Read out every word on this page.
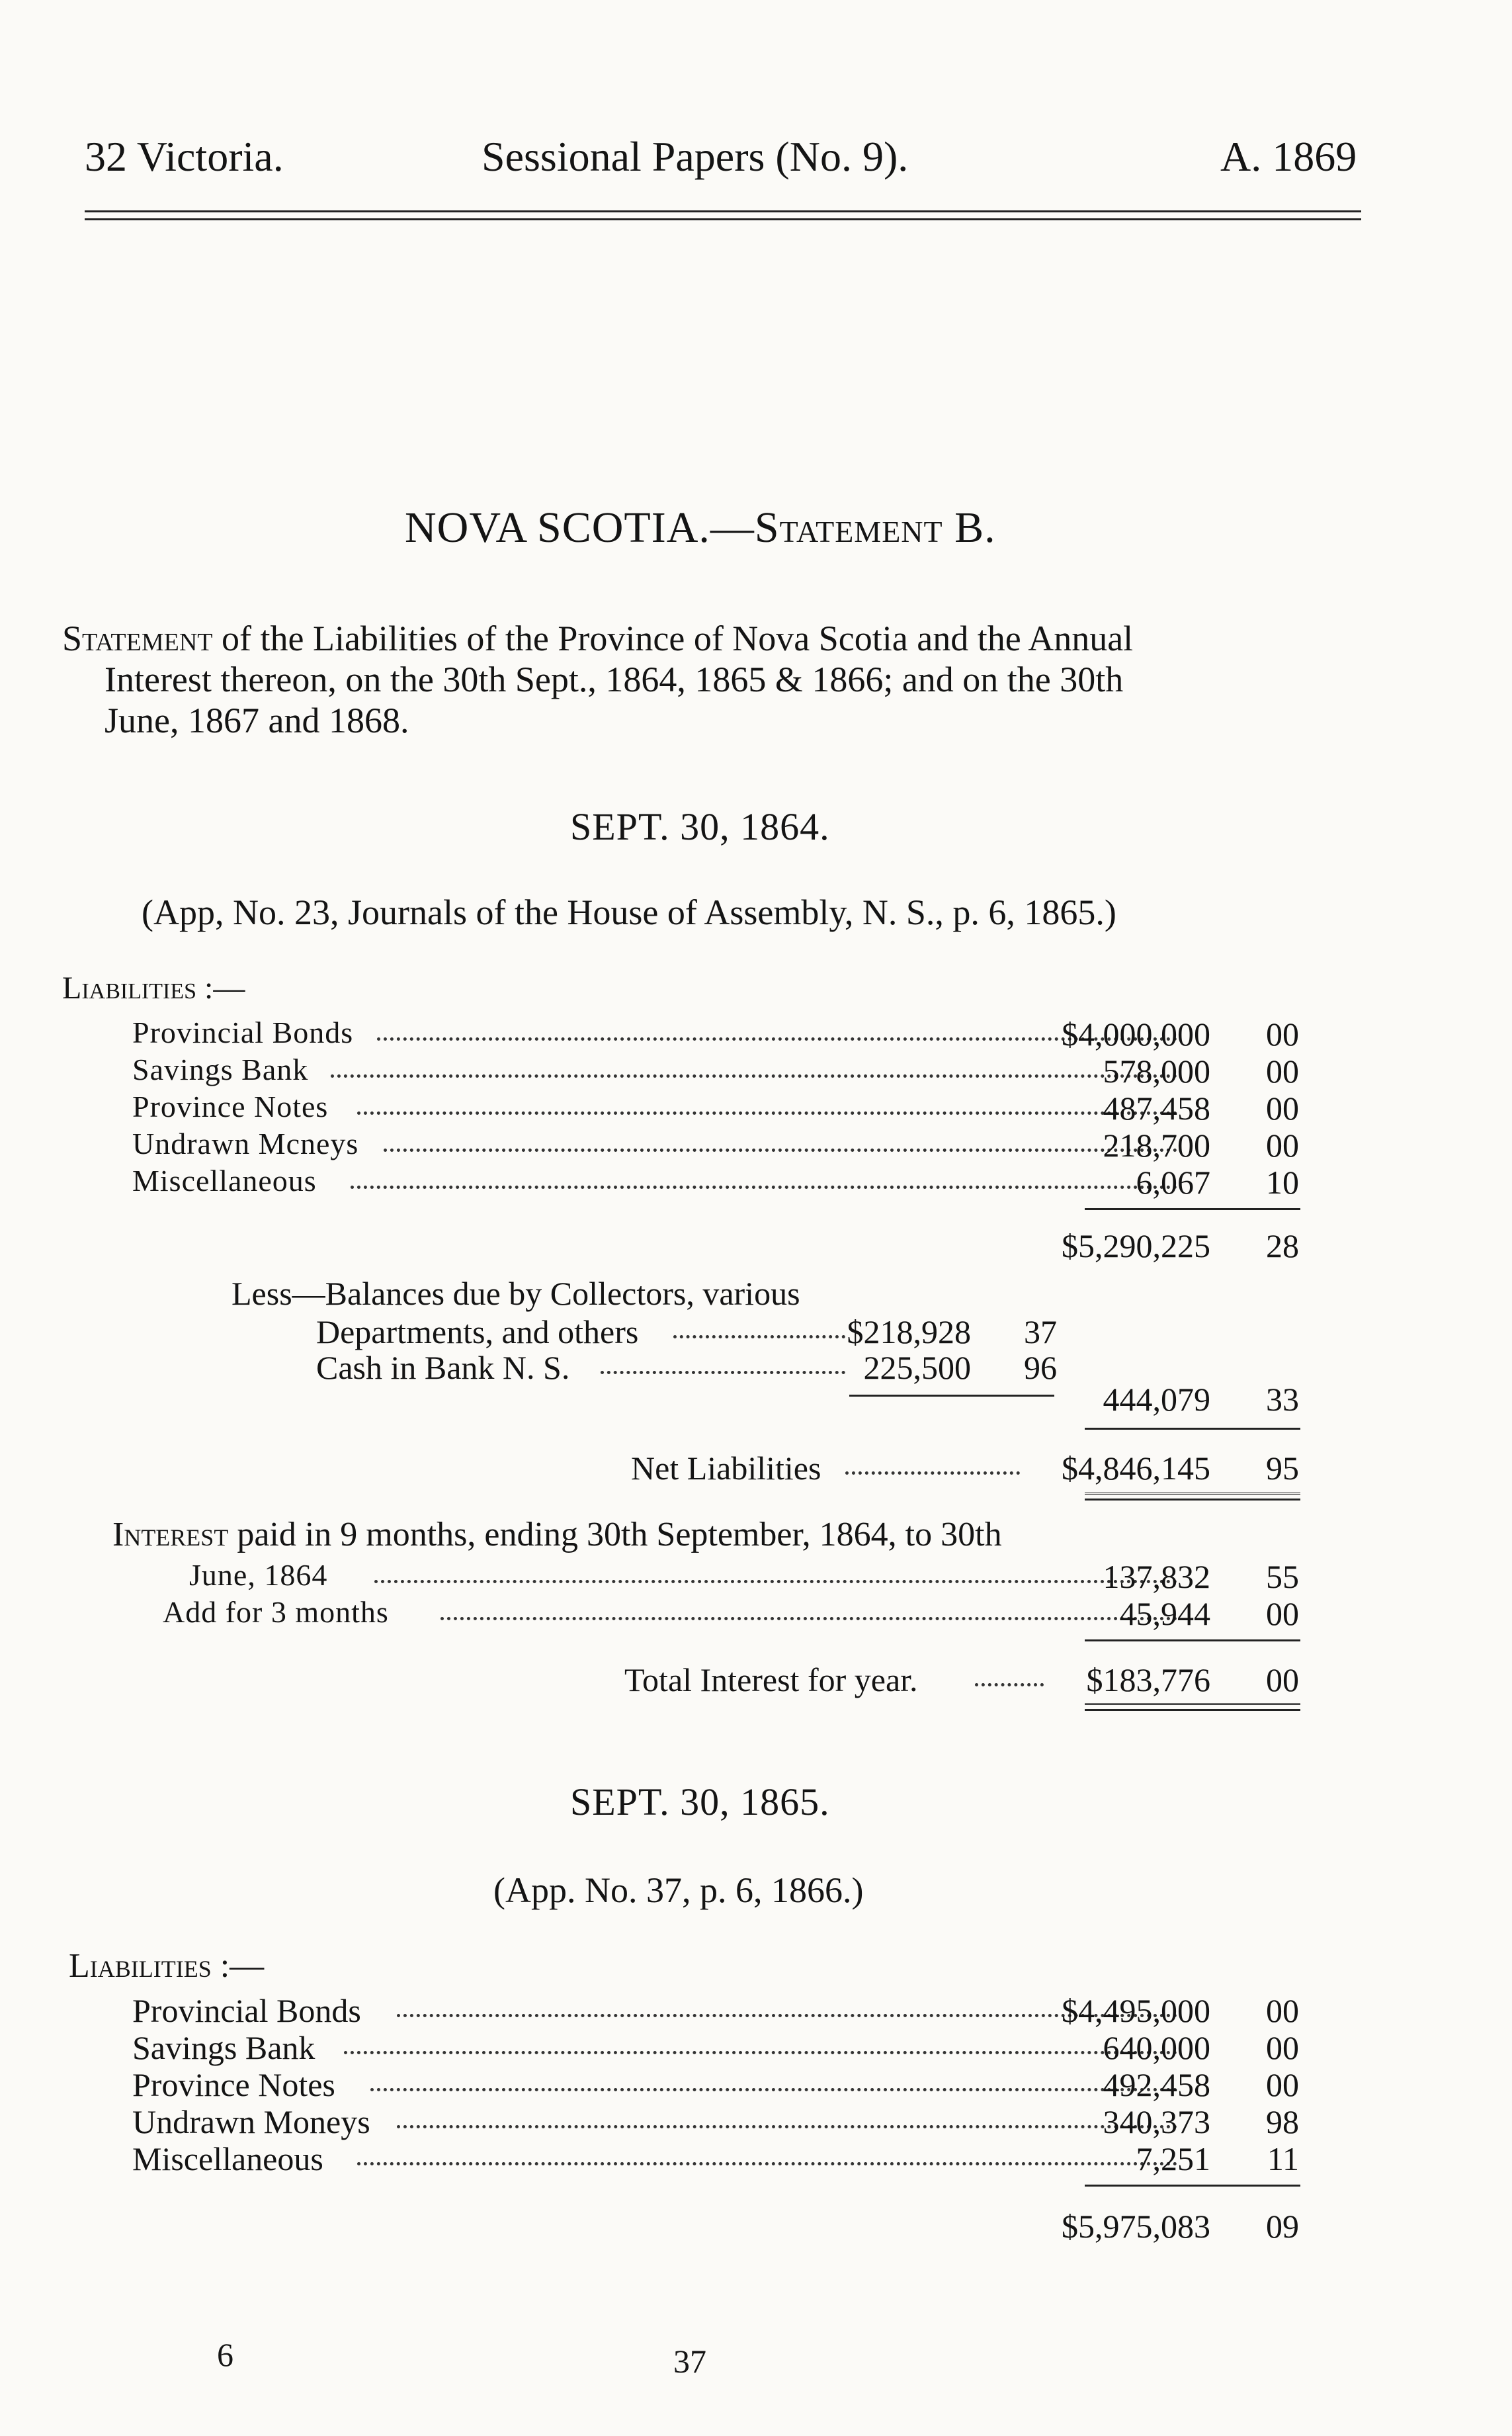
32 Victoria.	Sessional Papers (No. 9).	A. 1869
NOVA SCOTIA.—Statement B.
Statement of the Liabilities of the Province of Nova Scotia and the Annual
Interest thereon, on the 30th Sept., 1864, 1865 & 1866; and on the 30th
June, 1867 and 1868.
SEPT. 30, 1864.
(App, No. 23, Journals of the House of Assembly, N. S., p. 6, 1865.)
Liabilities :—
Provincial Bonds	$4,000,000 00
Savings Bank	578,000 00
Province Notes	487,458 00
Undrawn Mcneys	218,700 00
Miscellaneous	6,067 10
$5,290,225 28
Less—Balances due by Collectors, various
Departments, and others	$218,928 37
Cash in Bank N. S.	225,500 96
444,079 33
Net Liabilities	$4,846,145 95
Interest paid in 9 months, ending 30th September, 1864, to 30th
June, 1864	137,832 55
Add for 3 months	45,944 00
Total Interest for year.	$183,776 00
SEPT. 30, 1865.
(App. No. 37, p. 6, 1866.)
Liabilities :—
Provincial Bonds	$4,495,000 00
Savings Bank	640,000 00
Province Notes	492,458 00
Undrawn Moneys	340,373 98
Miscellaneous	7,251 11
$5,975,083 09
6	37
